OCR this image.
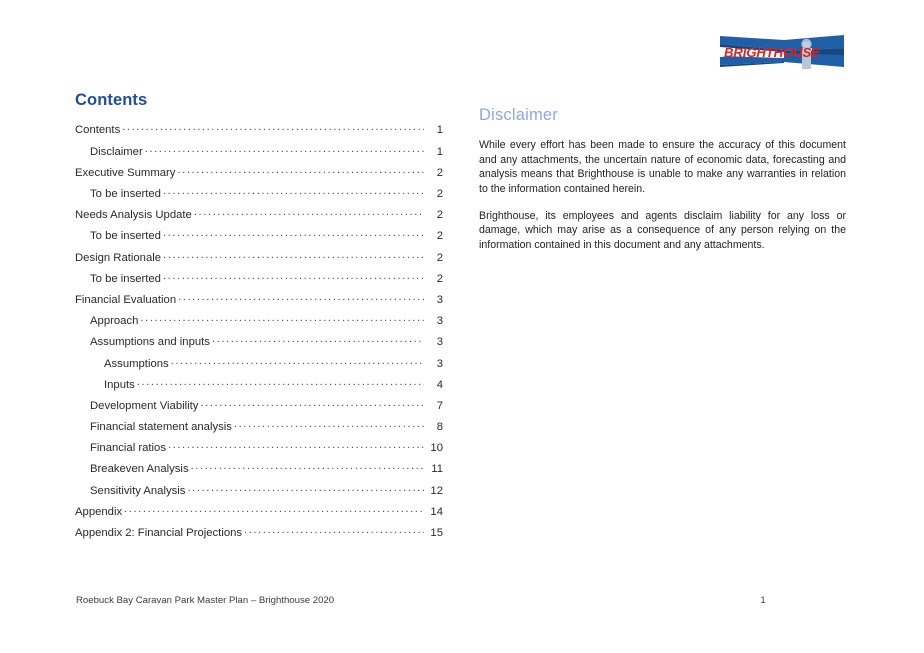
BRIGHTHOUSE
Contents
Contents .....	1
Disclaimer .....	1
Executive Summary .....	2
To be inserted .....	2
Needs Analysis Update .....	2
To be inserted .....	2
Design Rationale .....	2
To be inserted .....	2
Financial Evaluation .....	3
Approach .....	3
Assumptions and inputs .....	3
Assumptions .....	3
Inputs .....	4
Development Viability .....	7
Financial statement analysis .....	8
Financial ratios .....	10
Breakeven Analysis .....	11
Sensitivity Analysis .....	12
Appendix .....	14
Appendix 2: Financial Projections .....	15
Disclaimer

While every effort has been made to ensure the accuracy of this document and any attachments, the uncertain nature of economic data, forecasting and analysis means that Brighthouse is unable to make any warranties in relation to the information contained herein.

Brighthouse, its employees and agents disclaim liability for any loss or damage, which may arise as a consequence of any person relying on the information contained in this document and any attachments.

Roebuck Bay Caravan Park Master Plan – Brighthouse 2020	1
